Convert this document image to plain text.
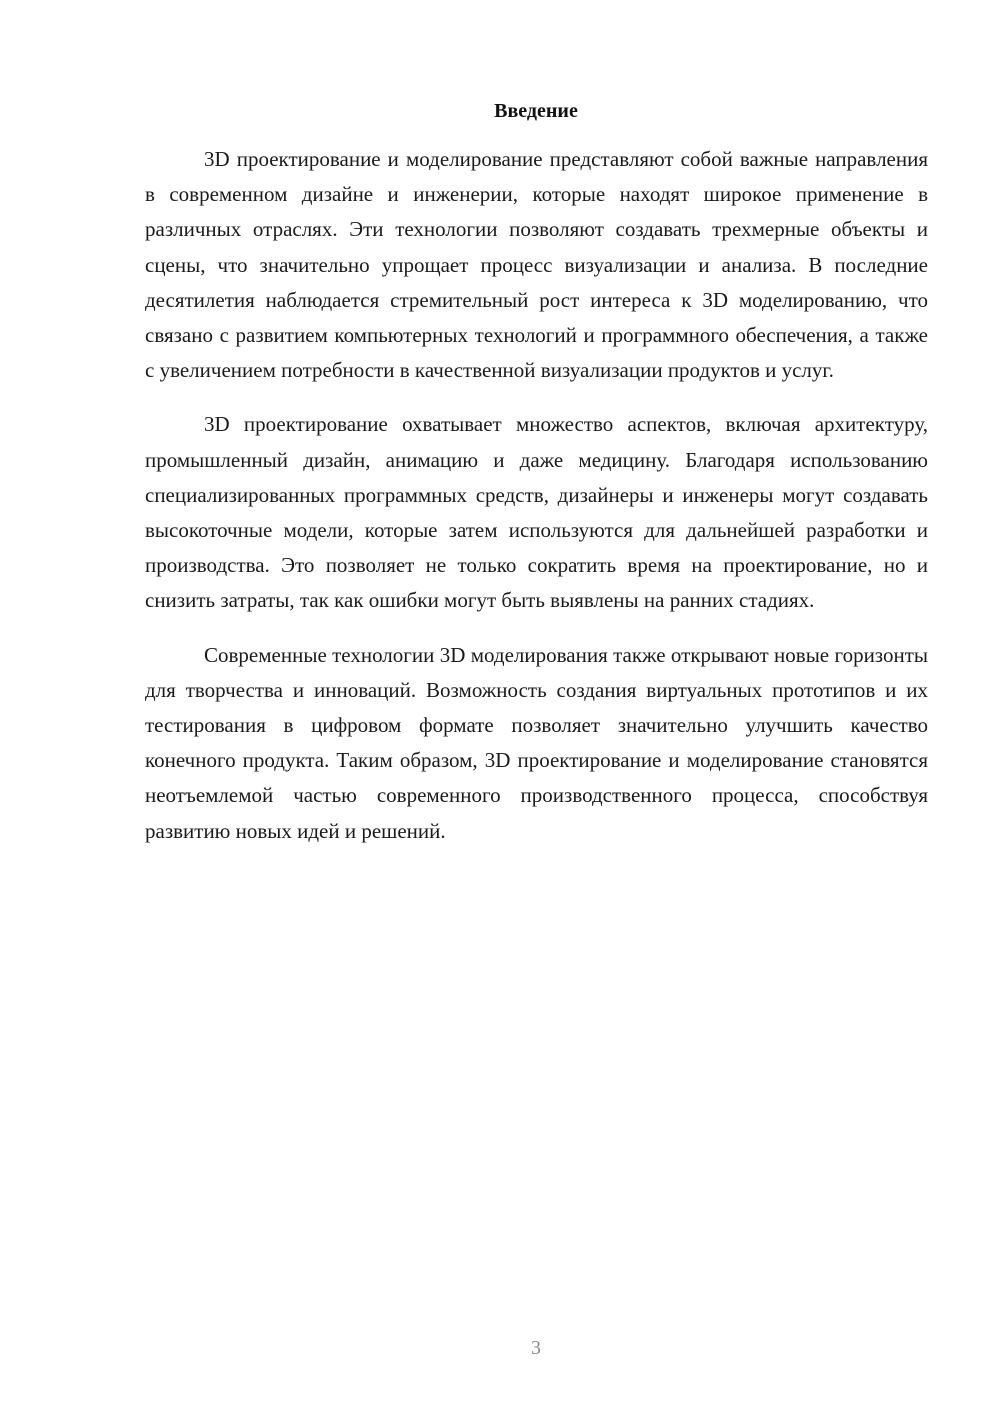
Введение

3D проектирование и моделирование представляют собой важные направления в современном дизайне и инженерии, которые находят широкое применение в различных отраслях. Эти технологии позволяют создавать трехмерные объекты и сцены, что значительно упрощает процесс визуализации и анализа. В последние десятилетия наблюдается стремительный рост интереса к 3D моделированию, что связано с развитием компьютерных технологий и программного обеспечения, а также с увеличением потребности в качественной визуализации продуктов и услуг.

3D проектирование охватывает множество аспектов, включая архитектуру, промышленный дизайн, анимацию и даже медицину. Благодаря использованию специализированных программных средств, дизайнеры и инженеры могут создавать высокоточные модели, которые затем используются для дальнейшей разработки и производства. Это позволяет не только сократить время на проектирование, но и снизить затраты, так как ошибки могут быть выявлены на ранних стадиях.

Современные технологии 3D моделирования также открывают новые горизонты для творчества и инноваций. Возможность создания виртуальных прототипов и их тестирования в цифровом формате позволяет значительно улучшить качество конечного продукта. Таким образом, 3D проектирование и моделирование становятся неотъемлемой частью современного производственного процесса, способствуя развитию новых идей и решений.

3
